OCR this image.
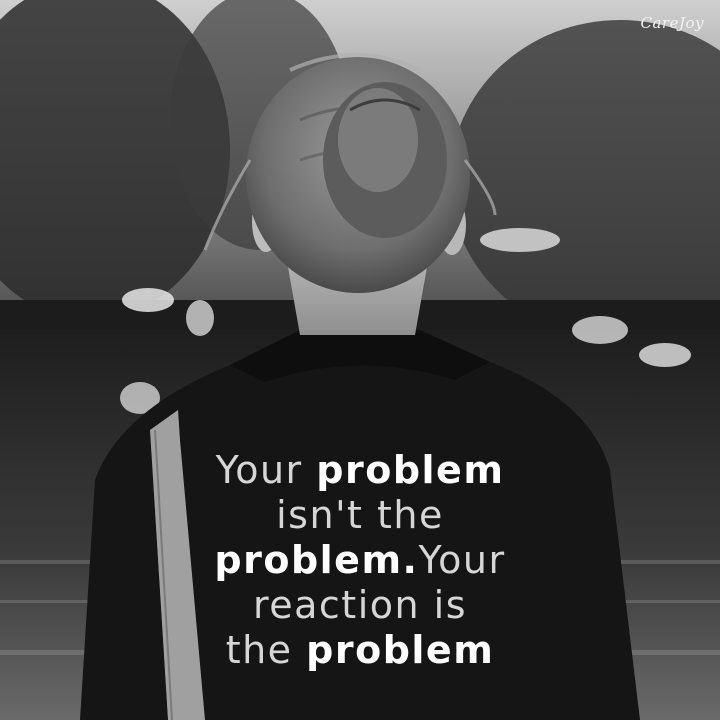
CareJoy
Your problem
isn't the
problem.Your
reaction is
the problem
